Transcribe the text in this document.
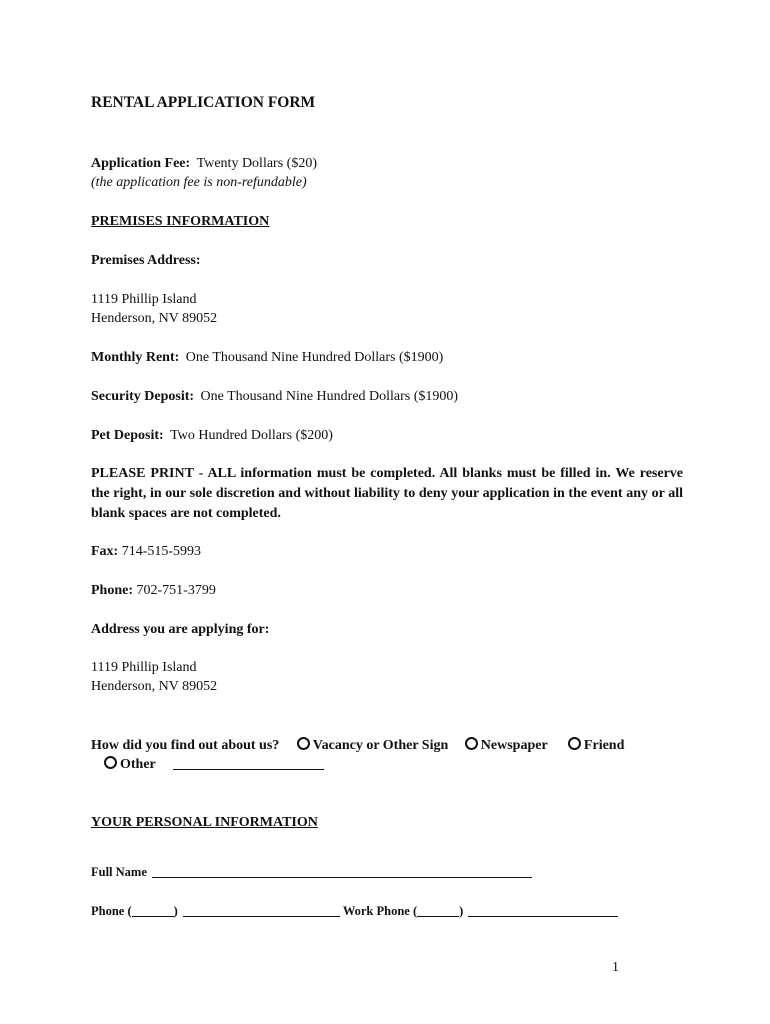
RENTAL APPLICATION FORM
Application Fee: Twenty Dollars ($20)
(the application fee is non-refundable)
PREMISES INFORMATION
Premises Address:
1119 Phillip Island
Henderson, NV 89052
Monthly Rent: One Thousand Nine Hundred Dollars ($1900)
Security Deposit: One Thousand Nine Hundred Dollars ($1900)
Pet Deposit: Two Hundred Dollars ($200)
PLEASE PRINT - ALL information must be completed. All blanks must be filled in. We reserve the right, in our sole discretion and without liability to deny your application in the event any or all blank spaces are not completed.
Fax: 714-515-5993
Phone: 702-751-3799
Address you are applying for:
1119 Phillip Island
Henderson, NV 89052
How did you find out about us? Vacancy or Other Sign Newspaper	Friend
Other
YOUR PERSONAL INFORMATION
Full Name
Phone (	)	Work Phone (	)
1
